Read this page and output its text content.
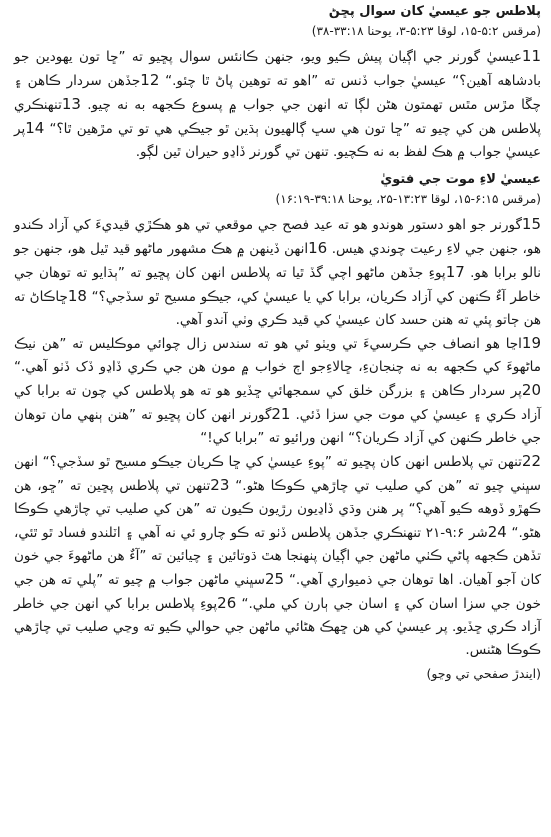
پلاطس جو عيسيٰ کان سوال پڇڻ
(مرقس ۵:۲-۱۵، لوقا ۵:۲۳-۳، يوحنا ۳۳:۱۸-۳۸)

11عيسيٰ گورنر جي اڳيان پيش ڪيو ويو، جنهن ڪانئس سوال پڇيو ته ”ڇا تون يهودين جو بادشاهه آهين؟“ عيسيٰ جواب ڏنس ته ”اهو ته توهين پاڻ ٿا چئو.“ 12جڏهن سردار ڪاهن ۽ چڱا مڙس مٿس تهمتون هڻن لڳا ته انهن جي جواب ۾ پسوع ڪجهه به نه چيو. 13تنهنڪري پلاطس هن کي چيو ته ”ڇا تون هي سڀ ڳالهيون ٻڌين ٿو جيڪي هي تو تي مڙهين ٿا؟“ 14پر عيسيٰ جواب ۾ هڪ لفظ به نه ڪچيو. تنهن تي گورنر ڏاڍو حيران ٿين لڳو.

عيسيٰ لاءِ موت جي فتويٰ
(مرقس ۶:۱۵-۱۵، لوقا ۱۳:۲۳-۲۵، يوحنا ۳۹:۱۸-۱۶:۱۹)

15گورنر جو اهو دستور هوندو هو ته عيد فصح جي موقعي تي هو هڪڙي قيديءَ کي آزاد ڪندو هو، جنهن جي لاءِ رعيت چوندي هيس. 16انهن ڏينهن ۾ هڪ مشهور ماڻهو قيد ٿيل هو، جنهن جو نالو برابا هو. 17پوءِ جڏهن ماڻهو اچي گڏ ٿيا ته پلاطس انهن کان پڇيو ته ”ٻڌايو ته توهان جي خاطر آءٌ ڪنهن کي آزاد ڪريان، برابا کي يا عيسيٰ کي، جيڪو مسيح ٿو سڏجي؟“ 18ڇاڪاڻ ته هن ڄاتو پئي ته هنن حسد کان عيسيٰ کي قيد ڪري وٺي آندو آهي.

19اڃا هو انصاف جي ڪرسيءَ تي ويٺو ئي هو ته سندس زال چوائي موڪليس ته ”هن نيڪ ماڻهوءَ کي ڪجهه به نه چنجانءِ، ڇالاءِجو اڄ خواب ۾ مون هن جي ڪري ڏاڍو ڏک ڏٺو آهي.“ 20پر سردار ڪاهن ۽ بزرگن خلق کي سمجهائي ڇڏيو هو ته هو پلاطس کي چون ته برابا کي آزاد ڪري ۽ عيسيٰ کي موت جي سزا ڏئي. 21گورنر انهن کان پڇيو ته ”هنن ٻنهي مان توهان جي خاطر ڪنهن کي آزاد ڪريان؟“ انهن ورائيو ته ”برابا کي!“

22تنهن تي پلاطس انهن کان پڇيو ته ”پوءِ عيسيٰ کي ڇا ڪريان جيڪو مسيح ٿو سڏجي؟“ انهن سڀني چيو ته ”هن کي صليب تي چاڙهي ڪوڪا هڻو.“ 23تنهن تي پلاطس پڇين ته ”ڇو، هن ڪهڙو ڏوهه ڪيو آهي؟“ پر هنن وڌي ڏاڍيون رڙيون ڪيون ته ”هن کي صليب تي چاڙهي ڪوڪا هڻو.“ 24شر ۹:۶-۲۱ تنهنڪري جڏهن پلاطس ڏٺو ته ڪو چارو ئي نه آهي ۽ اٽلندو فساد ٿو ٿئي، تڏهن ڪجهه پاڻي ڪٺي ماڻهن جي اڳيان پنهنجا هٿ ڌوتائين ۽ چيائين ته ”آءٌ هن ماڻهوءَ جي خون کان آجو آهيان. اها توهان جي ذميواري آهي.“ 25سڀني ماڻهن جواب ۾ چيو ته ”پلي ته هن جي خون جي سزا اسان کي ۽ اسان جي ٻارن کي ملي.“ 26پوءِ پلاطس برابا کي انهن جي خاطر آزاد ڪري ڇڏيو. پر عيسيٰ کي هن ڇهڪ هڻائي ماڻهن جي حوالي ڪيو ته وڃي صليب تي چاڙهي ڪوڪا هڻنس.

(ايندڙ صفحي تي وڃو)
